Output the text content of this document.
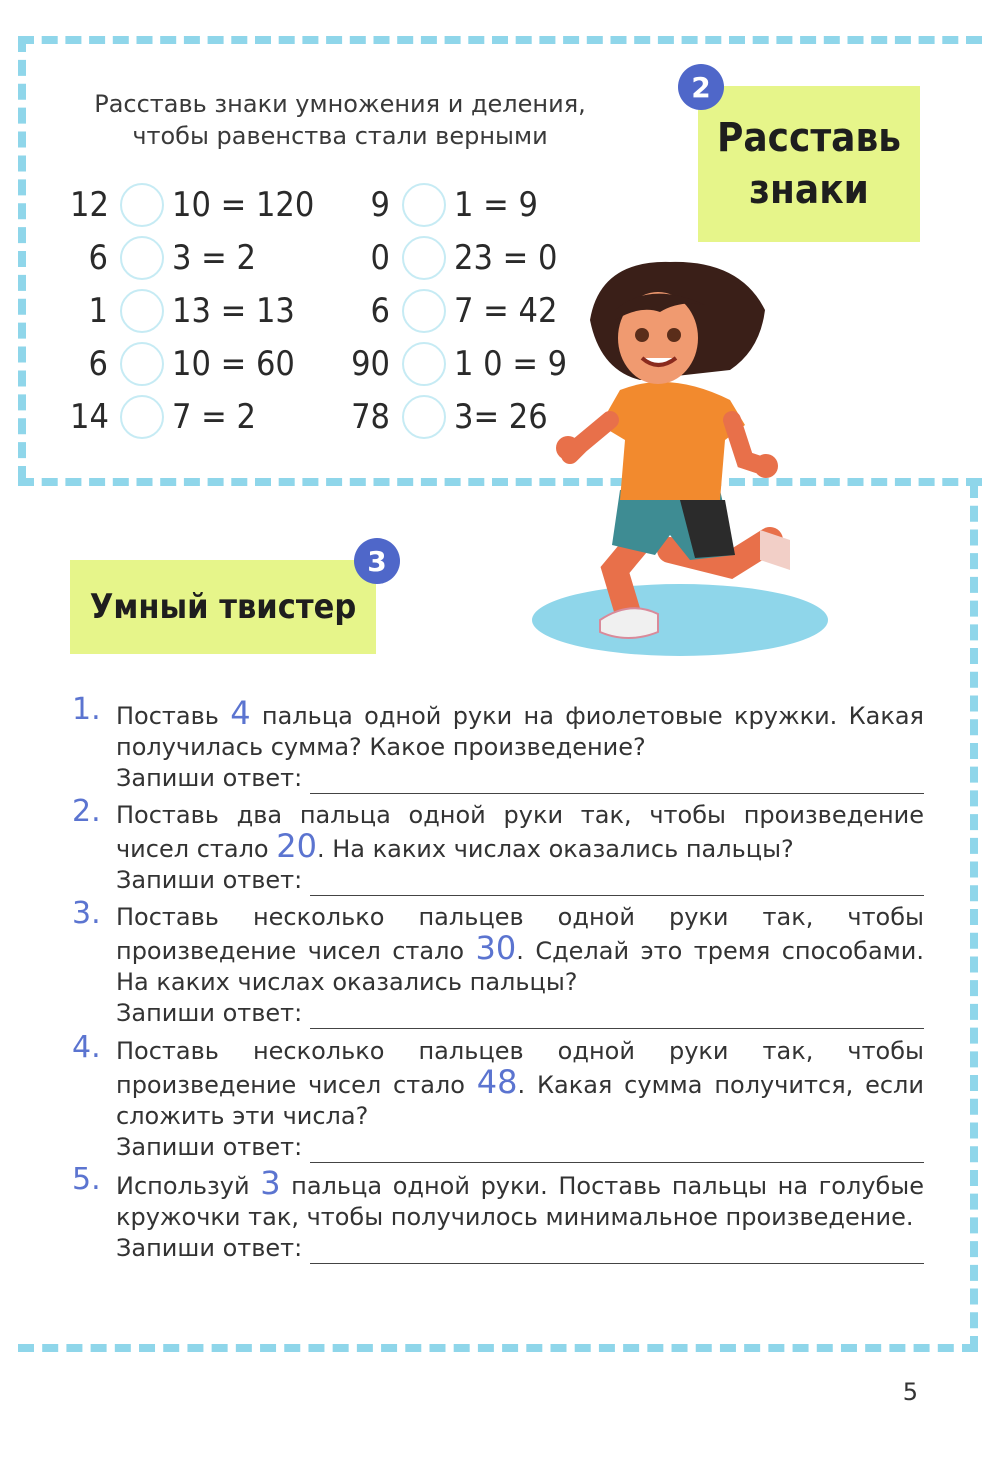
Расставь знаки умножения и деления,
чтобы равенства стали верными
12 10 = 120
6 3 = 2
1 13 = 13
6 10 = 60
14 7 = 2
9 1 = 9
0 23 = 0
6 7 = 42
90 1 0 = 9
78 3= 26
Расставь
знаки
2
Умный твистер
3
1. Поставь 4 пальца одной руки на фиолетовые кружки. Какая получилась сумма? Какое произведение?
Запиши ответ:
2. Поставь два пальца одной руки так, чтобы произведение чисел стало 20. На каких числах оказались пальцы?
Запиши ответ:
3. Поставь несколько пальцев одной руки так, чтобы произведение чисел стало 30. Сделай это тремя способами. На каких числах оказались пальцы?
Запиши ответ:
4. Поставь несколько пальцев одной руки так, чтобы произведение чисел стало 48. Какая сумма получится, если сложить эти числа?
Запиши ответ:
5. Используй 3 пальца одной руки. Поставь пальцы на голубые кружочки так, чтобы получилось минимальное произведение.
Запиши ответ:
5
